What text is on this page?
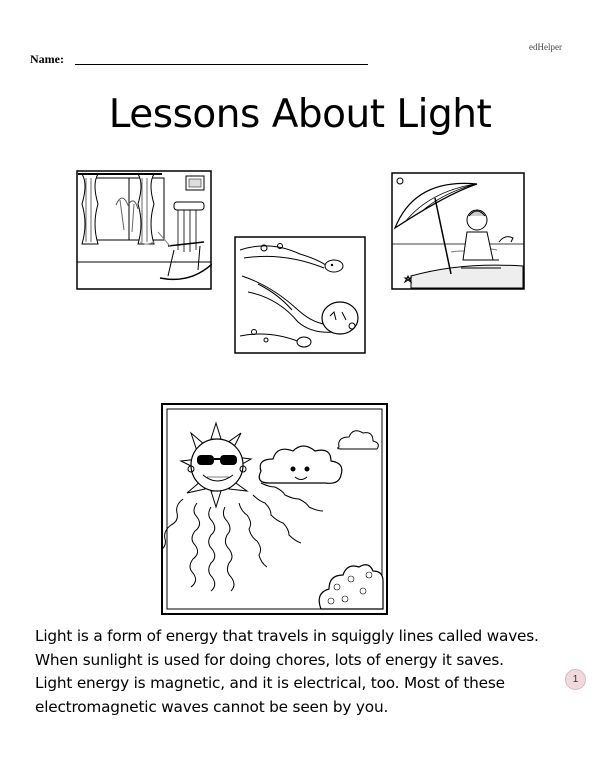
edHelper
Name:
Lessons About Light
Light is a form of energy that travels in squiggly lines called waves.
When sunlight is used for doing chores, lots of energy it saves.
Light energy is magnetic, and it is electrical, too. Most of these
electromagnetic waves cannot be seen by you.
1
